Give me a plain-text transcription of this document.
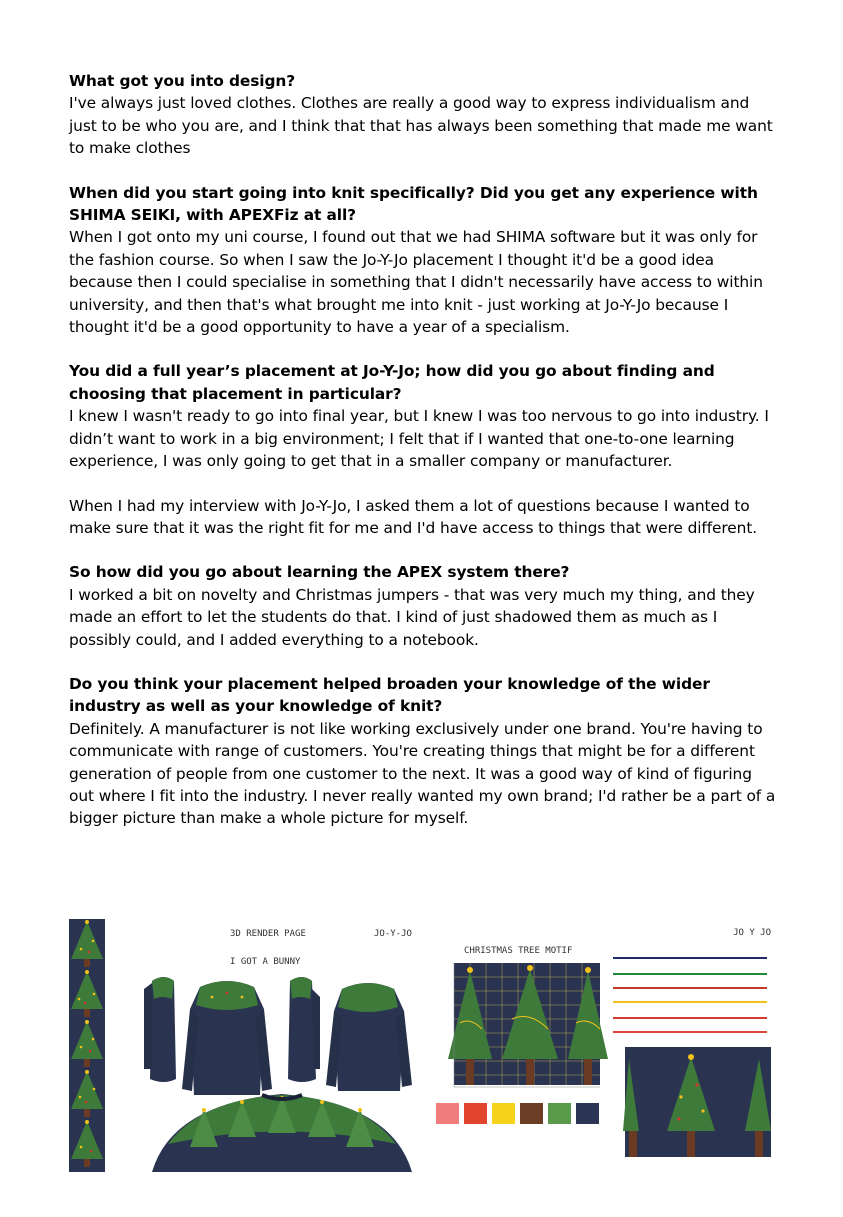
What got you into design?

I've always just loved clothes. Clothes are really a good way to express individualism and just to be who you are, and I think that that has always been something that made me want to make clothes

When did you start going into knit specifically? Did you get any experience with SHIMA SEIKI, with APEXFiz at all?

When I got onto my uni course, I found out that we had SHIMA software but it was only for the fashion course. So when I saw the Jo-Y-Jo placement I thought it'd be a good idea because then I could specialise in something that I didn't necessarily have access to within university, and then that's what brought me into knit - just working at Jo-Y-Jo because I thought it'd be a good opportunity to have a year of a specialism.

You did a full year’s placement at Jo-Y-Jo; how did you go about finding and choosing that placement in particular?

I knew I wasn't ready to go into final year, but I knew I was too nervous to go into industry. I didn’t want to work in a big environment; I felt that if I wanted that one-to-one learning experience, I was only going to get that in a smaller company or manufacturer.

When I had my interview with Jo-Y-Jo, I asked them a lot of questions because I wanted to make sure that it was the right fit for me and I'd have access to things that were different.

So how did you go about learning the APEX system there?

I worked a bit on novelty and Christmas jumpers - that was very much my thing, and they made an effort to let the students do that. I kind of just shadowed them as much as I possibly could, and I added everything to a notebook.

Do you think your placement helped broaden your knowledge of the wider industry as well as your knowledge of knit?

Definitely. A manufacturer is not like working exclusively under one brand. You're having to communicate with range of customers. You're creating things that might be for a different generation of people from one customer to the next. It was a good way of kind of figuring out where I fit into the industry. I never really wanted my own brand; I'd rather be a part of a bigger picture than make a whole picture for myself.

3D RENDER PAGE	JO-Y-JO
I GOT A BUNNY
CHRISTMAS TREE MOTIF
JO Y JO
